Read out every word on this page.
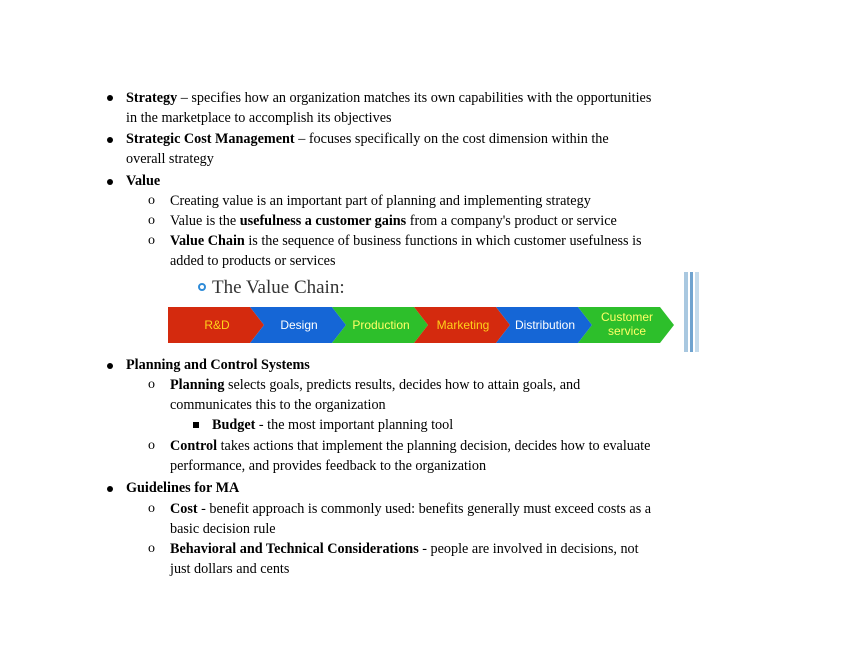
Strategy – specifies how an organization matches its own capabilities with the opportunities
in the marketplace to accomplish its objectives
Strategic Cost Management – focuses specifically on the cost dimension within the
overall strategy
Value
o Creating value is an important part of planning and implementing strategy
o Value is the usefulness a customer gains from a company's product or service
o Value Chain is the sequence of business functions in which customer usefulness is
added to products or services
The Value Chain:
R&D	Design	Production Marketing Distribution
Customer
service
Planning and Control Systems
o Planning selects goals, predicts results, decides how to attain goals, and
communicates this to the organization
Budget - the most important planning tool
o Control takes actions that implement the planning decision, decides how to evaluate
performance, and provides feedback to the organization
Guidelines for MA
o Cost - benefit approach is commonly used: benefits generally must exceed costs as a
basic decision rule
o Behavioral and Technical Considerations - people are involved in decisions, not
just dollars and cents
